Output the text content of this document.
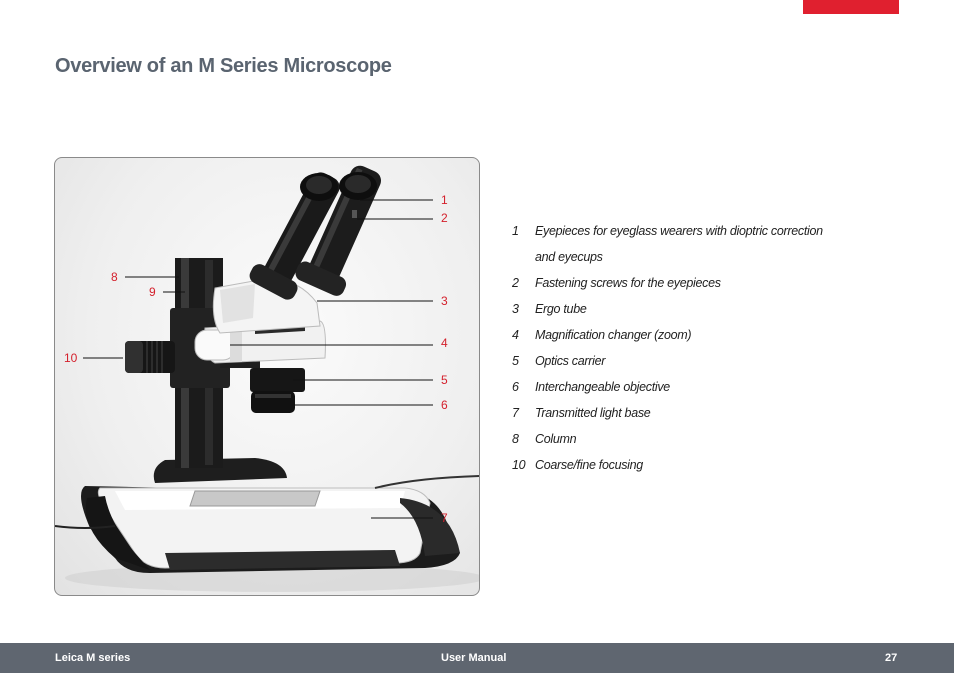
Overview of an M Series Microscope
1
2
3
4
5
6
7
8
9
10
1	Eyepieces for eyeglass wearers with dioptric correction and eyecups
2	Fastening screws for the eyepieces
3	Ergo tube
4	Magnification changer (zoom)
5	Optics carrier
6	Interchangeable objective
7	Transmitted light base
8	Column
10 Coarse/fine focusing
Leica M series	User Manual	27
